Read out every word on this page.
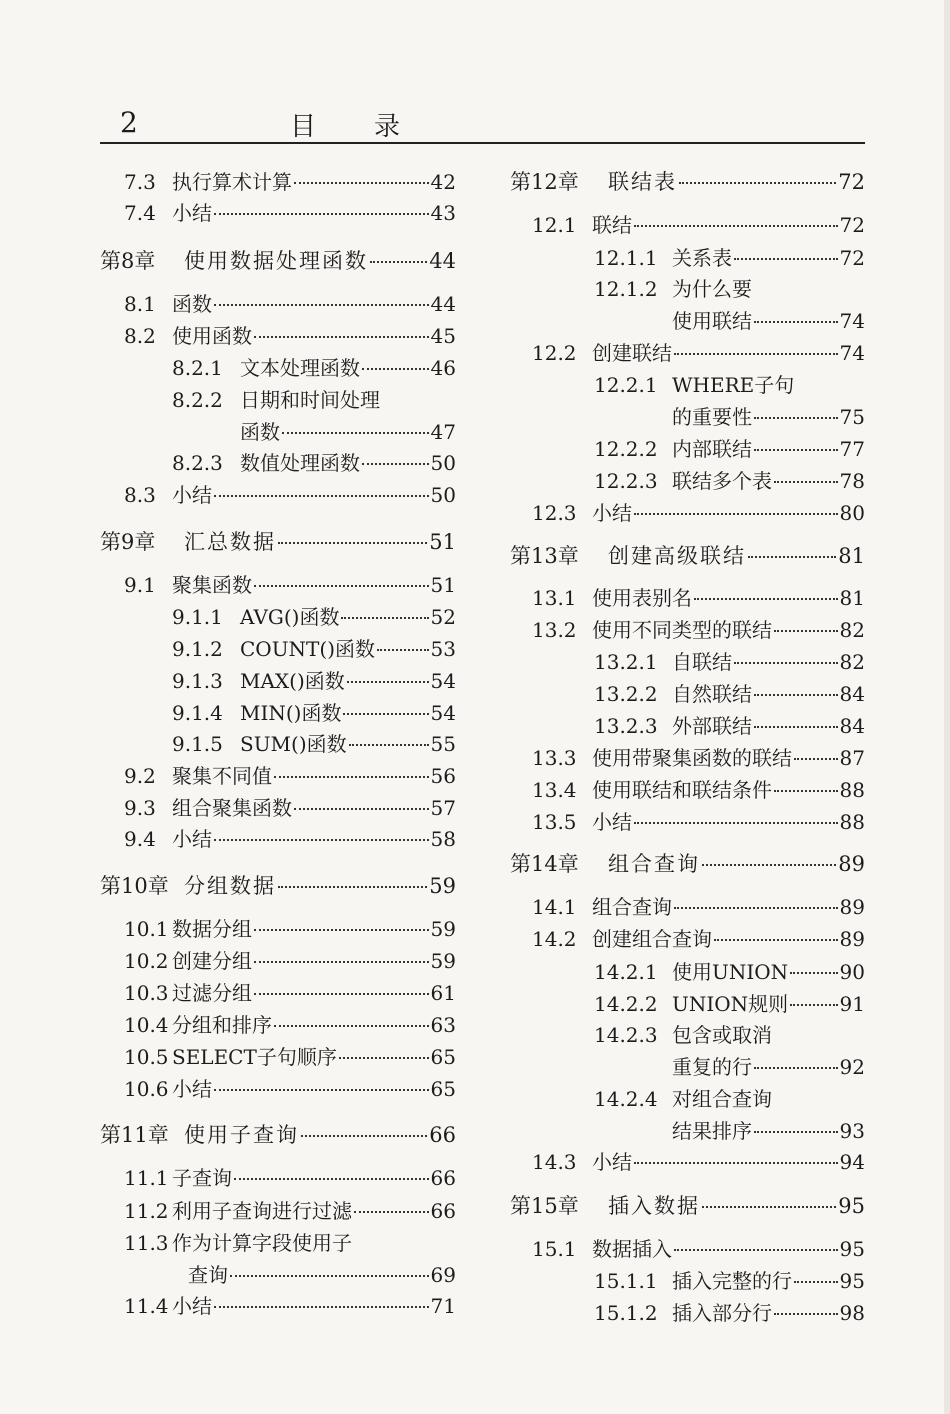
2	目录
7.3 执行算术计算	42
7.4 小结	43
第8章	使用数据处理函数	44
8.1 函数	44
8.2 使用函数	45
8.2.1 文本处理函数	46
8.2.2 日期和时间处理
函数	47
8.2.3 数值处理函数	50
8.3 小结	50
第9章	汇总数据	51
9.1 聚集函数	51
9.1.1 AVG()函数	52
9.1.2 COUNT()函数	53
9.1.3 MAX()函数	54
9.1.4 MIN()函数	54
9.1.5 SUM()函数	55
9.2 聚集不同值	56
9.3 组合聚集函数	57
9.4 小结	58
第10章 分组数据	59
10.1 数据分组	59
10.2 创建分组	59
10.3 过滤分组	61
10.4 分组和排序	63
10.5 SELECT子句顺序	65
10.6 小结	65
第11章 使用子查询	66
11.1 子查询	66
11.2 利用子查询进行过滤	66
11.3 作为计算字段使用子
查询	69
11.4 小结	71
第12章	联结表	72
12.1 联结	72
12.1.1 关系表	72
12.1.2 为什么要
使用联结	74
12.2 创建联结	74
12.2.1 WHERE子句
的重要性	75
12.2.2 内部联结	77
12.2.3 联结多个表	78
12.3 小结	80
第13章	创建高级联结	81
13.1 使用表别名	81
13.2 使用不同类型的联结	82
13.2.1 自联结	82
13.2.2 自然联结	84
13.2.3 外部联结	84
13.3 使用带聚集函数的联结 87
13.4 使用联结和联结条件	88
13.5 小结	88
第14章	组合查询	89
14.1 组合查询	89
14.2 创建组合查询	89
14.2.1 使用UNION	90
14.2.2 UNION规则	91
14.2.3 包含或取消
重复的行	92
14.2.4 对组合查询
结果排序	93
14.3 小结	94
第15章	插入数据	95
15.1 数据插入	95
15.1.1 插入完整的行 95
15.1.2 插入部分行	98
